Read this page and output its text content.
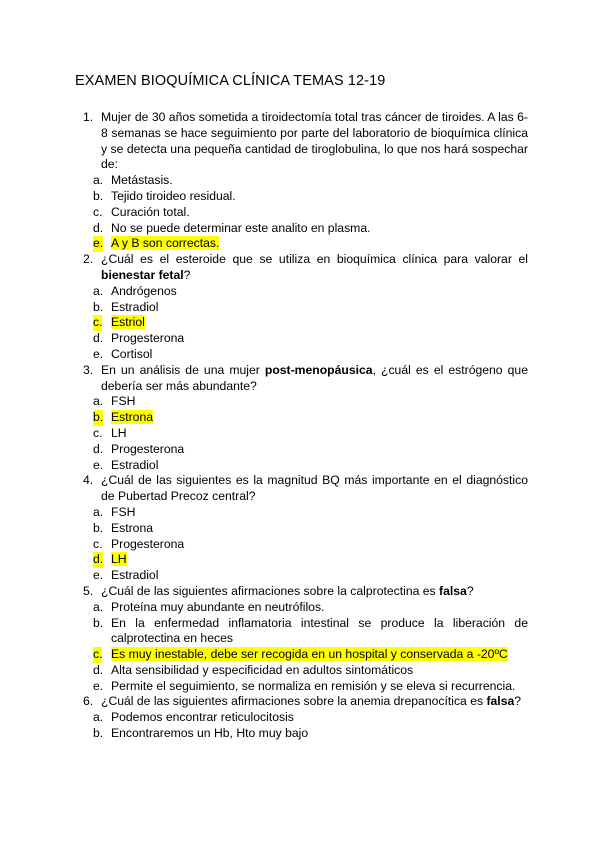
EXAMEN BIOQUÍMICA CLÍNICA TEMAS 12-19
1. Mujer de 30 años sometida a tiroidectomía total tras cáncer de tiroides. A las 6-8 semanas se hace seguimiento por parte del laboratorio de bioquímica clínica y se detecta una pequeña cantidad de tiroglobulina, lo que nos hará sospechar de:
a. Metástasis.
b. Tejido tiroideo residual.
c. Curación total.
d. No se puede determinar este analito en plasma.
e. A y B son correctas.
2. ¿Cuál es el esteroide que se utiliza en bioquímica clínica para valorar el bienestar fetal?
a. Andrógenos
b. Estradiol
c. Estriol
d. Progesterona
e. Cortisol
3. En un análisis de una mujer post-menopáusica, ¿cuál es el estrógeno que debería ser más abundante?
a. FSH
b. Estrona
c. LH
d. Progesterona
e. Estradiol
4. ¿Cuál de las siguientes es la magnitud BQ más importante en el diagnóstico de Pubertad Precoz central?
a. FSH
b. Estrona
c. Progesterona
d. LH
e. Estradiol
5. ¿Cuál de las siguientes afirmaciones sobre la calprotectina es falsa?
a. Proteína muy abundante en neutrófilos.
b. En la enfermedad inflamatoria intestinal se produce la liberación de calprotectina en heces
c. Es muy inestable, debe ser recogida en un hospital y conservada a -20ºC
d. Alta sensibilidad y especificidad en adultos sintomáticos
e. Permite el seguimiento, se normaliza en remisión y se eleva si recurrencia.
6. ¿Cuál de las siguientes afirmaciones sobre la anemia drepanocítica es falsa?
a. Podemos encontrar reticulocitosis
b. Encontraremos un Hb, Hto muy bajo
